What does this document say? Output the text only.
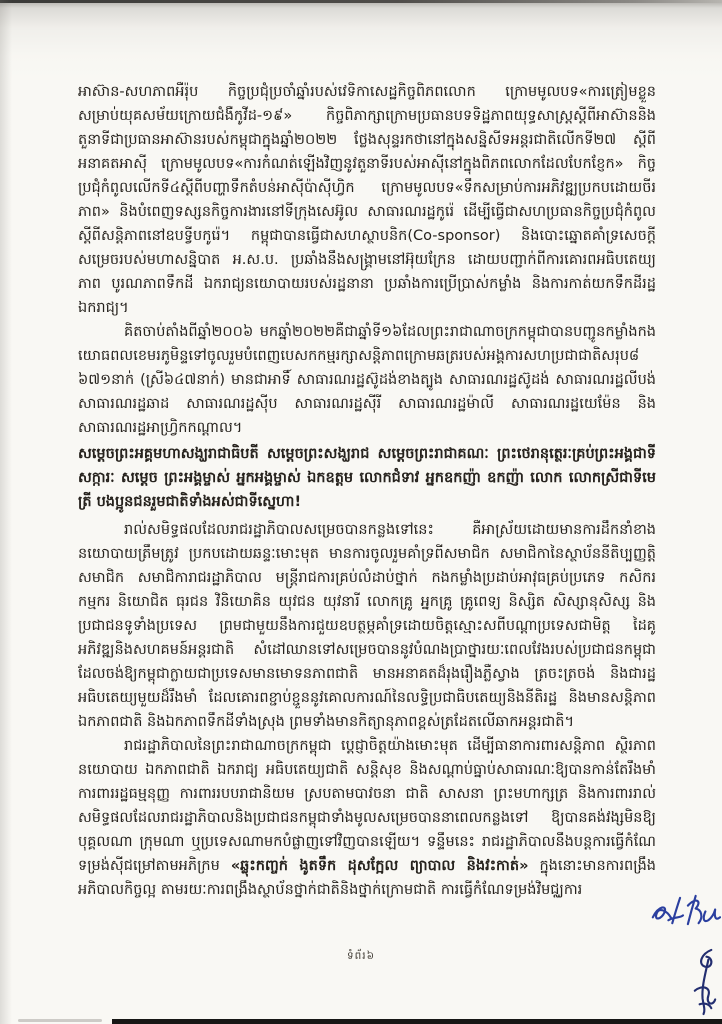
អាស៊ាន-សហភាពអឺរ៉ុប កិច្ចប្រជុំប្រចាំឆ្នាំរបស់វេទិកាសេដ្ឋកិច្ចពិភពលោក ក្រោមមូលបទ«ការត្រៀមខ្លួនសម្រាប់យុគសម័យក្រោយជំងឺកូវីដ-១៩» កិច្ចពិភាក្សាក្រោមប្រធានបទទិដ្ឋភាពយុទ្ធសាស្ត្រស្តីពីអាស៊ាននិងតួនាទីជាប្រធានអាស៊ានរបស់កម្ពុជាក្នុងឆ្នាំ២០២២ ថ្លែងសុន្ទរកថានៅក្នុងសន្និសីទអន្តរជាតិលើកទី២៧ ស្តីពីអនាគតអាស៊ី ក្រោមមូលបទ«ការកំណត់ឡើងវិញនូវតួនាទីរបស់អាស៊ីនៅក្នុងពិភពលោកដែលបែកខ្ញែក» កិច្ចប្រជុំកំពូលលើកទី៤ស្តីពីបញ្ហាទឹកតំបន់អាស៊ីប៉ាស៊ីហ្វិក ក្រោមមូលបទ«ទឹកសម្រាប់ការអភិវឌ្ឍប្រកបដោយចីរភាព» និងបំពេញទស្សនកិច្ចការងារនៅទីក្រុងសេអ៊ូល សាធារណរដ្ឋកូរ៉េ ដើម្បីធ្វើជាសហប្រធានកិច្ចប្រជុំកំពូលស្តីពីសន្តិភាពនៅឧបទ្វីបកូរ៉េ។ កម្ពុជាបានធ្វើជាសហស្ថាបនិក(Co-sponsor) និងបោះឆ្នោតគាំទ្រសេចក្តីសម្រេចរបស់មហាសន្និបាត អ.ស.ប. ប្រឆាំងនឹងសង្គ្រាមនៅអ៊ុយក្រែន ដោយបញ្ជាក់ពីការគោរពអធិបតេយ្យភាព បូរណភាពទឹកដី ឯករាជ្យនយោបាយរបស់រដ្ឋនានា ប្រឆាំងការប្រើប្រាស់កម្លាំង និងការកាត់យកទឹកដីរដ្ឋឯករាជ្យ។

គិតចាប់តាំងពីឆ្នាំ២០០៦ មកឆ្នាំ២០២២គឺជាឆ្នាំទី១៦ដែលព្រះរាជាណាចក្រកម្ពុជាបានបញ្ជូនកម្លាំងកងយោធពលខេមរភូមិន្ទទៅចូលរួមបំពេញបេសកកម្មរក្សាសន្តិភាពក្រោមឆត្ររបស់អង្គការសហប្រជាជាតិសរុប៨ ៦៧១នាក់ (ស្រី៦៤៧នាក់) មានជាអាទិ៍ សាធារណរដ្ឋស៊ូដង់ខាងត្បូង សាធារណរដ្ឋស៊ូដង់ សាធារណរដ្ឋលីបង់ សាធារណរដ្ឋឆាដ សាធារណរដ្ឋស៊ីប សាធារណរដ្ឋស៊ីរី សាធារណរដ្ឋម៉ាលី សាធារណរដ្ឋយេម៉ែន និងសាធារណរដ្ឋអាហ្វ្រិកកណ្តាល។

សម្តេចព្រះអគ្គមហាសង្ឃរាជាធិបតី សម្តេចព្រះសង្ឃរាជ សម្តេចព្រះរាជាគណៈ ព្រះថេរានុត្ថេរៈគ្រប់ព្រះអង្គជាទីសក្ការៈ សម្តេច ព្រះអង្គម្ចាស់ អ្នកអង្គម្ចាស់ ឯកឧត្តម លោកជំទាវ អ្នកឧកញ៉ា ឧកញ៉ា លោក លោកស្រីជាទីមេត្រី បងប្អូនជនរួមជាតិទាំងអស់ជាទីស្នេហា!

រាល់សមិទ្ធផលដែលរាជរដ្ឋាភិបាលសម្រេចបានកន្លងទៅនេះ គឺអាស្រ័យដោយមានការដឹកនាំខាងនយោបាយត្រឹមត្រូវ ប្រកបដោយឆន្ទៈមោះមុត មានការចូលរួមគាំទ្រពីសមាជិក សមាជិកានៃស្ថាប័ននីតិប្បញ្ញត្តិ សមាជិក សមាជិការាជរដ្ឋាភិបាល មន្ត្រីរាជការគ្រប់លំដាប់ថ្នាក់ កងកម្លាំងប្រដាប់អាវុធគ្រប់ប្រភេទ កសិករ កម្មករ និយោជិត ធុរជន វិនិយោគិន យុវជន យុវនារី លោកគ្រូ អ្នកគ្រូ គ្រូពេទ្យ និស្សិត សិស្សានុសិស្ស និងប្រជាជនទូទាំងប្រទេស ព្រមជាមួយនឹងការជួយឧបត្ថម្ភគាំទ្រដោយចិត្តស្មោះសពីបណ្តាប្រទេសជាមិត្ត ដៃគូអភិវឌ្ឍនិងសហគមន៍អន្តរជាតិ សំដៅឈានទៅសម្រេចបាននូវបំណងប្រាថ្នារយៈពេលវែងរបស់ប្រជាជនកម្ពុជា ដែលចង់ឱ្យកម្ពុជាក្លាយជាប្រទេសមានមោទនភាពជាតិ មានអនាគតដ៏រុងរឿងភ្លឺស្វាង ត្រចះត្រចង់ និងជារដ្ឋអធិបតេយ្យមួយដ៏រឹងមាំ ដែលគោរពខ្ជាប់ខ្ជួននូវគោលការណ៍នៃលទ្ធិប្រជាធិបតេយ្យនិងនីតិរដ្ឋ និងមានសន្តិភាព ឯកភាពជាតិ និងឯកភាពទឹកដីទាំងស្រុង ព្រមទាំងមានកិត្យានុភាពខ្ពស់ត្រដែតលើឆាកអន្តរជាតិ។

រាជរដ្ឋាភិបាលនៃព្រះរាជាណាចក្រកម្ពុជា ប្តេជ្ញាចិត្តយ៉ាងមោះមុត ដើម្បីធានាការពារសន្តិភាព ស្ថិរភាពនយោបាយ ឯកភាពជាតិ ឯករាជ្យ អធិបតេយ្យជាតិ សន្តិសុខ និងសណ្តាប់ធ្នាប់សាធារណៈឱ្យបានកាន់តែរឹងមាំ ការពាររដ្ឋធម្មនុញ្ញ ការពាររបបរាជានិយម ស្របតាមបាវចនា ជាតិ សាសនា ព្រះមហាក្សត្រ និងការពាររាល់សមិទ្ធផលដែលរាជរដ្ឋាភិបាលនិងប្រជាជនកម្ពុជាទាំងមូលសម្រេចបាននាពេលកន្លងទៅ ឱ្យបានគង់វង្សមិនឱ្យបុគ្គលណា ក្រុមណា ឬប្រទេសណាមកបំផ្លាញទៅវិញបានឡើយ។ ទន្ទឹមនេះ រាជរដ្ឋាភិបាលនឹងបន្តការធ្វើកំណែទម្រង់ស៊ីជម្រៅតាមអភិក្រម «ឆ្លុះកញ្ចក់ ងូតទឹក ដុសក្អែល ព្យាបាល និងវះកាត់» ក្នុងនោះមានការពង្រឹងអភិបាលកិច្ចល្អ តាមរយៈការពង្រឹងស្ថាប័នថ្នាក់ជាតិនិងថ្នាក់ក្រោមជាតិ ការធ្វើកំណែទម្រង់វិមជ្ឈការ

ទំព័រ៦
